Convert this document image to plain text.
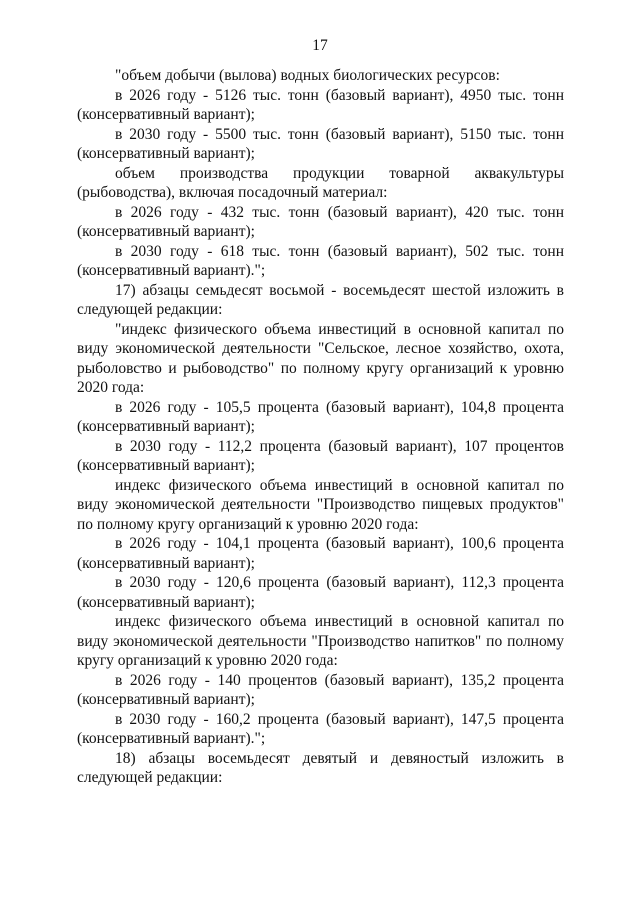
17

"объем добычи (вылова) водных биологических ресурсов:

в 2026 году - 5126 тыс. тонн (базовый вариант), 4950 тыс. тонн (консервативный вариант);

в 2030 году - 5500 тыс. тонн (базовый вариант), 5150 тыс. тонн (консервативный вариант);

объем производства продукции товарной аквакультуры (рыбоводства), включая посадочный материал:

в 2026 году - 432 тыс. тонн (базовый вариант), 420 тыс. тонн (консервативный вариант);

в 2030 году - 618 тыс. тонн (базовый вариант), 502 тыс. тонн (консервативный вариант).";

17) абзацы семьдесят восьмой - восемьдесят шестой изложить в следующей редакции:

"индекс физического объема инвестиций в основной капитал по виду экономической деятельности "Сельское, лесное хозяйство, охота, рыболовство и рыбоводство" по полному кругу организаций к уровню 2020 года:

в 2026 году - 105,5 процента (базовый вариант), 104,8 процента (консервативный вариант);

в 2030 году - 112,2 процента (базовый вариант), 107 процентов (консервативный вариант);

индекс физического объема инвестиций в основной капитал по виду экономической деятельности "Производство пищевых продуктов" по полному кругу организаций к уровню 2020 года:

в 2026 году - 104,1 процента (базовый вариант), 100,6 процента (консервативный вариант);

в 2030 году - 120,6 процента (базовый вариант), 112,3 процента (консервативный вариант);

индекс физического объема инвестиций в основной капитал по виду экономической деятельности "Производство напитков" по полному кругу организаций к уровню 2020 года:

в 2026 году - 140 процентов (базовый вариант), 135,2 процента (консервативный вариант);

в 2030 году - 160,2 процента (базовый вариант), 147,5 процента (консервативный вариант).";

18) абзацы восемьдесят девятый и девяностый изложить в следующей редакции:
